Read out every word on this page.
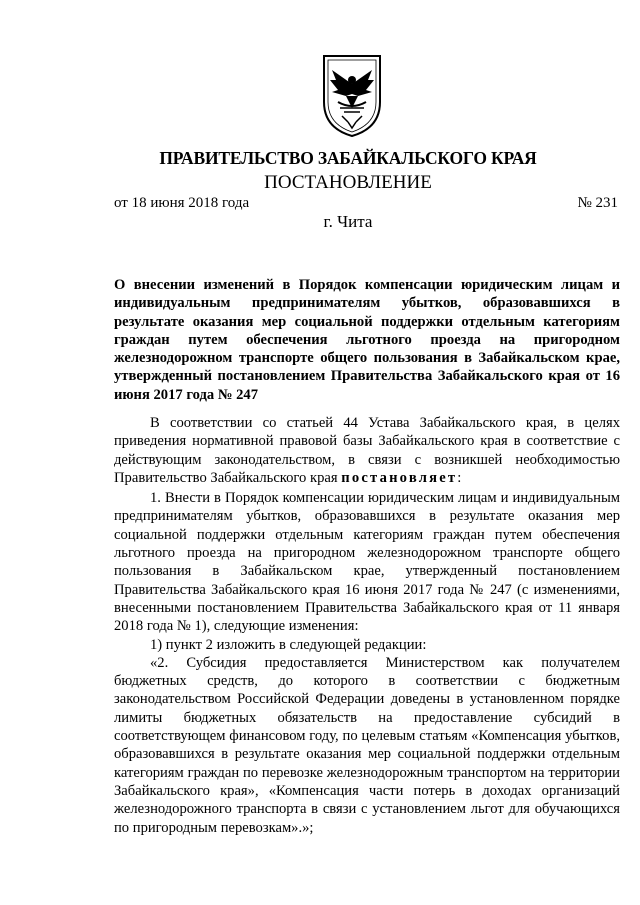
ПРАВИТЕЛЬСТВО ЗАБАЙКАЛЬСКОГО КРАЯ
ПОСТАНОВЛЕНИЕ
от 18 июня 2018 года	№ 231
г. Чита
О внесении изменений в Порядок компенсации юридическим лицам и индивидуальным предпринимателям убытков, образовавшихся в результате оказания мер социальной поддержки отдельным категориям граждан путем обеспечения льготного проезда на пригородном железнодорожном транспорте общего пользования в Забайкальском крае, утвержденный постановлением Правительства Забайкальского края от 16 июня 2017 года № 247

В соответствии со статьей 44 Устава Забайкальского края, в целях приведения нормативной правовой базы Забайкальского края в соответствие с действующим законодательством, в связи с возникшей необходимостью Правительство Забайкальского края постановляет:

1. Внести в Порядок компенсации юридическим лицам и индивидуальным предпринимателям убытков, образовавшихся в результате оказания мер социальной поддержки отдельным категориям граждан путем обеспечения льготного проезда на пригородном железнодорожном транспорте общего пользования в Забайкальском крае, утвержденный постановлением Правительства Забайкальского края 16 июня 2017 года № 247 (с изменениями, внесенными постановлением Правительства Забайкальского края от 11 января 2018 года № 1), следующие изменения:

1) пункт 2 изложить в следующей редакции:

«2. Субсидия предоставляется Министерством как получателем бюджетных средств, до которого в соответствии с бюджетным законодательством Российской Федерации доведены в установленном порядке лимиты бюджетных обязательств на предоставление субсидий в соответствующем финансовом году, по целевым статьям «Компенсация убытков, образовавшихся в результате оказания мер социальной поддержки отдельным категориям граждан по перевозке железнодорожным транспортом на территории Забайкальского края», «Компенсация части потерь в доходах организаций железнодорожного транспорта в связи с установлением льгот для обучающихся по пригородным перевозкам».»;
